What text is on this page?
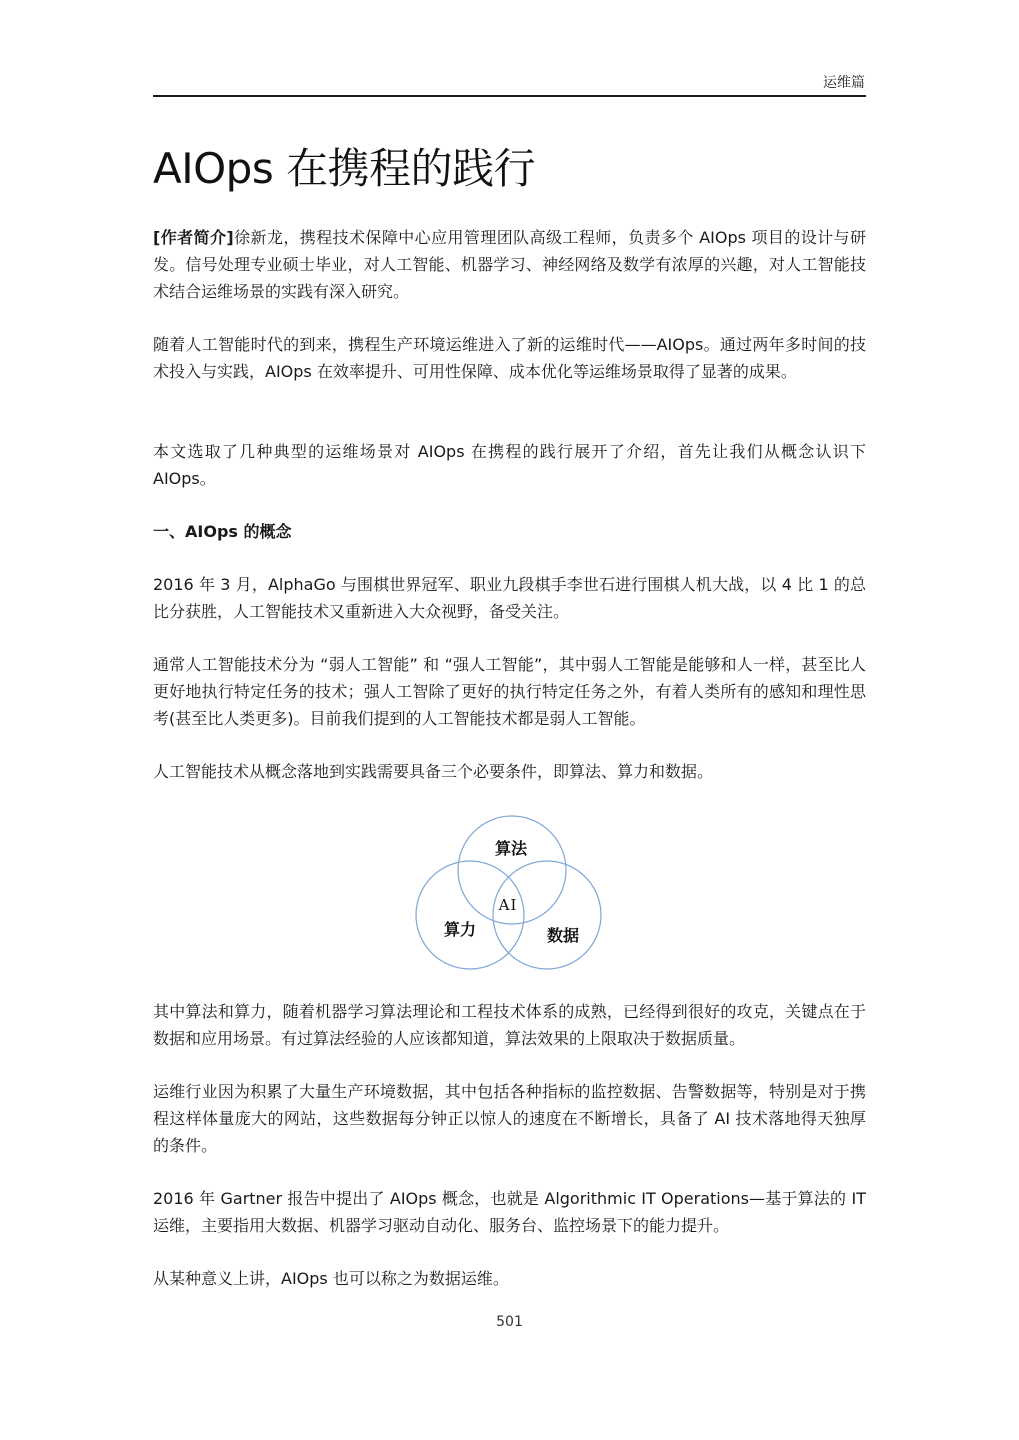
运维篇
AIOps 在携程的践行

[作者简介]徐新龙，携程技术保障中心应用管理团队高级工程师，负责多个 AIOps 项目的设计与研发。信号处理专业硕士毕业，对人工智能、机器学习、神经网络及数学有浓厚的兴趣，对人工智能技术结合运维场景的实践有深入研究。

随着人工智能时代的到来，携程生产环境运维进入了新的运维时代——AIOps。通过两年多时间的技术投入与实践，AIOps 在效率提升、可用性保障、成本优化等运维场景取得了显著的成果。

本文选取了几种典型的运维场景对 AIOps 在携程的践行展开了介绍，首先让我们从概念认识下 AIOps。

一、AIOps 的概念

2016 年 3 月，AlphaGo 与围棋世界冠军、职业九段棋手李世石进行围棋人机大战，以 4 比 1 的总比分获胜，人工智能技术又重新进入大众视野，备受关注。

通常人工智能技术分为 “弱人工智能” 和 “强人工智能”，其中弱人工智能是能够和人一样，甚至比人更好地执行特定任务的技术；强人工智除了更好的执行特定任务之外，有着人类所有的感知和理性思考(甚至比人类更多)。目前我们提到的人工智能技术都是弱人工智能。

人工智能技术从概念落地到实践需要具备三个必要条件，即算法、算力和数据。

算法
算力	数据
AI

其中算法和算力，随着机器学习算法理论和工程技术体系的成熟，已经得到很好的攻克，关键点在于数据和应用场景。有过算法经验的人应该都知道，算法效果的上限取决于数据质量。

运维行业因为积累了大量生产环境数据，其中包括各种指标的监控数据、告警数据等，特别是对于携程这样体量庞大的网站，这些数据每分钟正以惊人的速度在不断增长，具备了 AI 技术落地得天独厚的条件。

2016 年 Gartner 报告中提出了 AIOps 概念，也就是 Algorithmic IT Operations—基于算法的 IT 运维，主要指用大数据、机器学习驱动自动化、服务台、监控场景下的能力提升。

从某种意义上讲，AIOps 也可以称之为数据运维。

501
